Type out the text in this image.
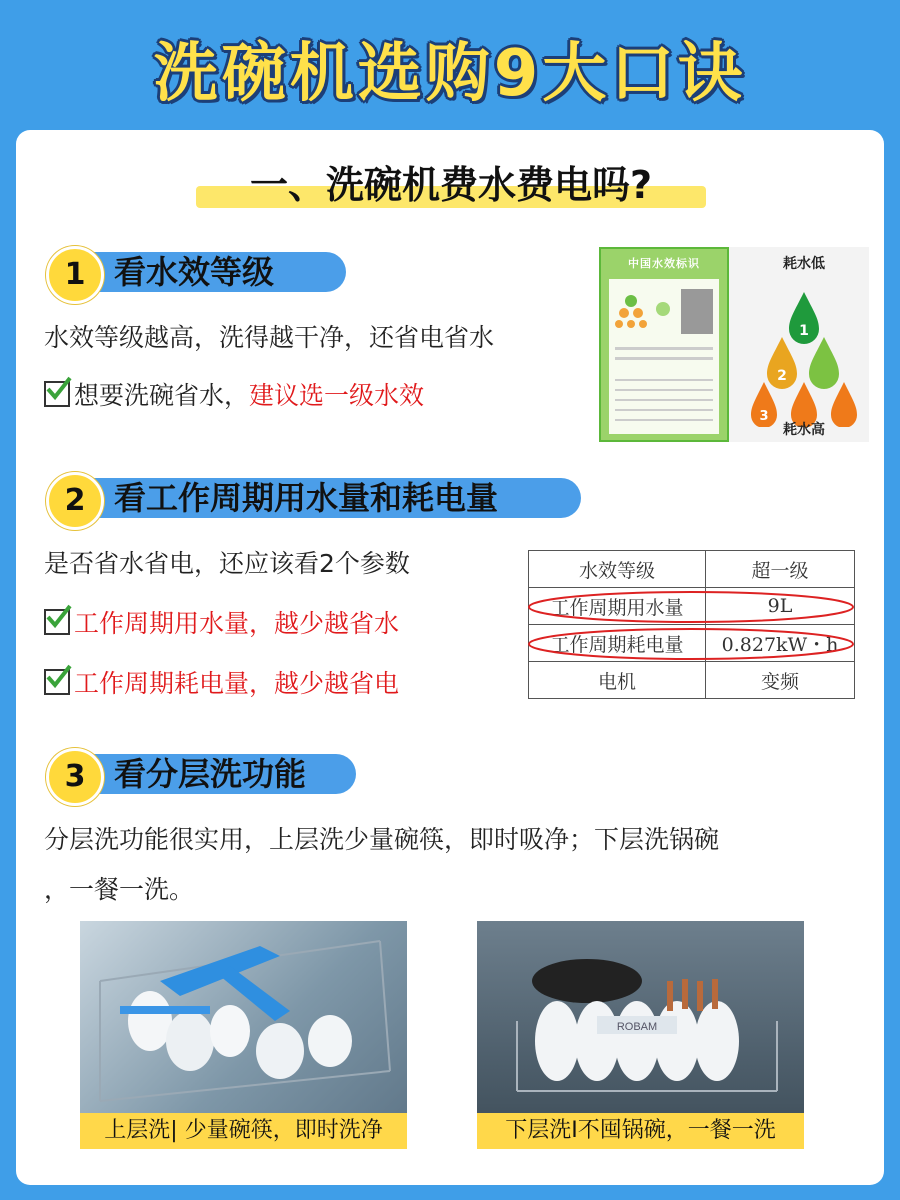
洗碗机选购9大口诀
一、洗碗机费水费电吗?
1 看水效等级
水效等级越高，洗得越干净，还省电省水
想要洗碗省水，建议选一级水效
中国水效标识	耗水低
1
2
3
耗水高
2 看工作周期用水量和耗电量
是否省水省电，还应该看2个参数
工作周期用水量，越少越省水
工作周期耗电量，越少越省电
水效等级	超一级
工作周期用水量	9L
工作周期耗电量	0.827kW・h
电机	变频
3 看分层洗功能
分层洗功能很实用，上层洗少量碗筷，即时吸净；下层洗锅碗
，一餐一洗。
上层洗| 少量碗筷，即时洗净
ROBAM
下层洗I不囤锅碗，一餐一洗
